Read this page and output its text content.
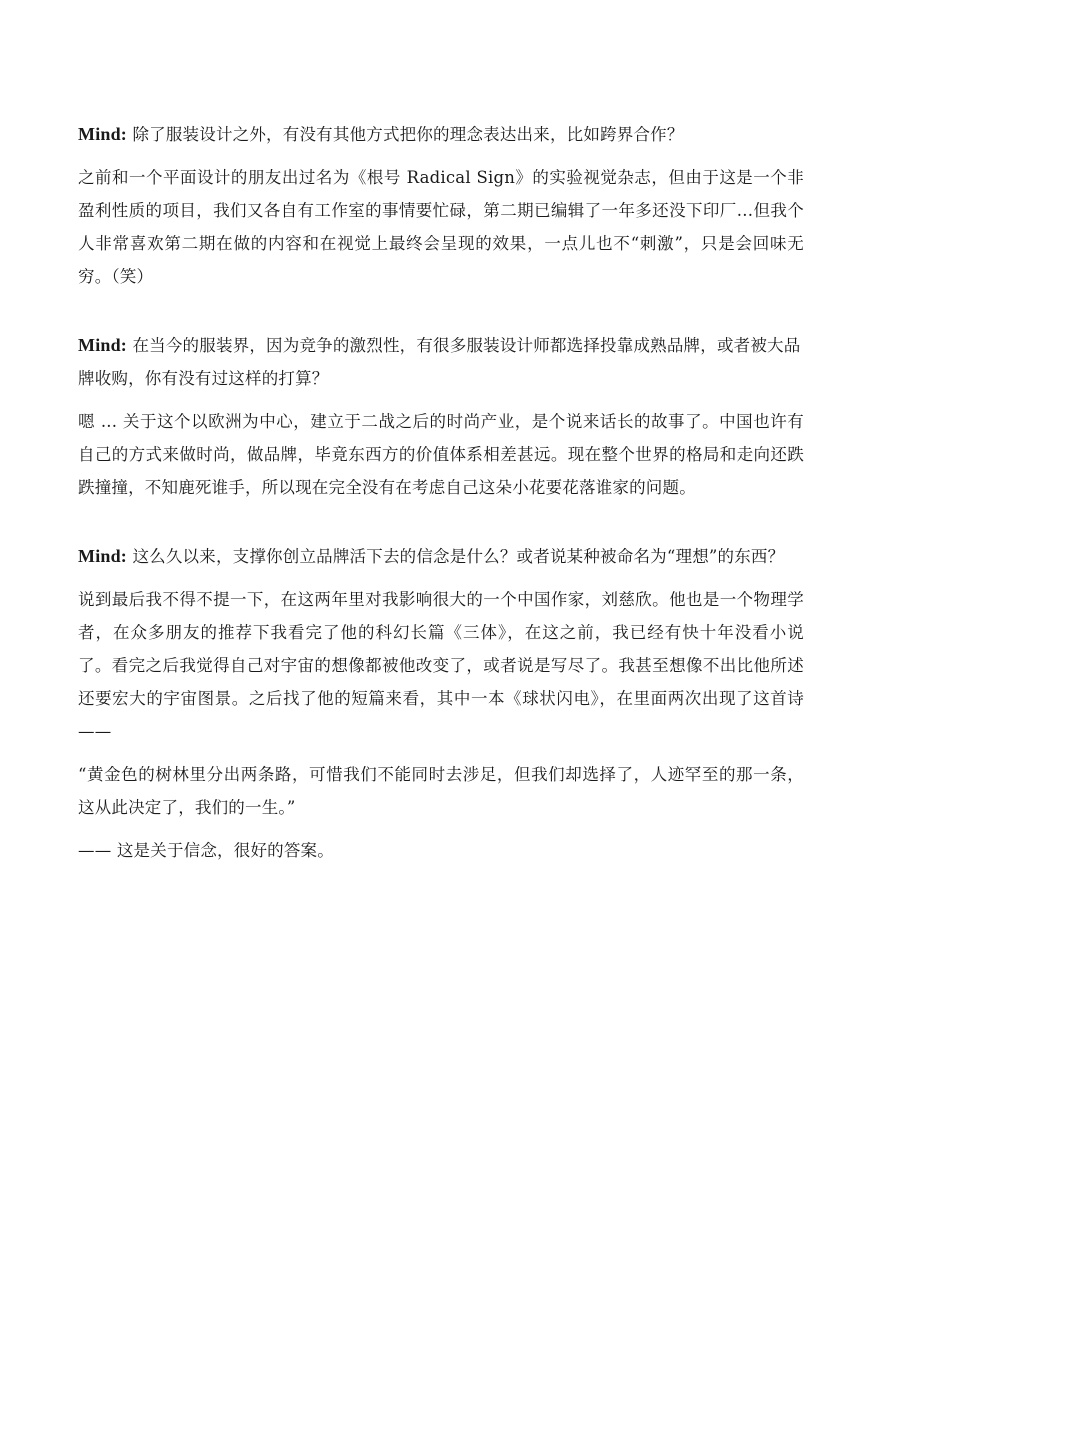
Mind: 除了服装设计之外，有没有其他方式把你的理念表达出来，比如跨界合作？

之前和一个平面设计的朋友出过名为《根号 Radical Sign》的实验视觉杂志，但由于这是一个非盈利性质的项目，我们又各自有工作室的事情要忙碌，第二期已编辑了一年多还没下印厂…但我个人非常喜欢第二期在做的内容和在视觉上最终会呈现的效果，一点儿也不“刺激”，只是会回味无穷。（笑）

Mind: 在当今的服装界，因为竞争的激烈性，有很多服装设计师都选择投靠成熟品牌，或者被大品牌收购，你有没有过这样的打算？

嗯 ... 关于这个以欧洲为中心，建立于二战之后的时尚产业，是个说来话长的故事了。中国也许有自己的方式来做时尚，做品牌，毕竟东西方的价值体系相差甚远。现在整个世界的格局和走向还跌跌撞撞，不知鹿死谁手，所以现在完全没有在考虑自己这朵小花要花落谁家的问题。

Mind: 这么久以来，支撑你创立品牌活下去的信念是什么？或者说某种被命名为“理想”的东西？

说到最后我不得不提一下，在这两年里对我影响很大的一个中国作家，刘慈欣。他也是一个物理学者，在众多朋友的推荐下我看完了他的科幻长篇《三体》，在这之前，我已经有快十年没看小说了。看完之后我觉得自己对宇宙的想像都被他改变了，或者说是写尽了。我甚至想像不出比他所述还要宏大的宇宙图景。之后找了他的短篇来看，其中一本《球状闪电》，在里面两次出现了这首诗 ——

“黄金色的树林里分出两条路，可惜我们不能同时去涉足，但我们却选择了，人迹罕至的那一条，这从此决定了，我们的一生。”

—— 这是关于信念，很好的答案。
